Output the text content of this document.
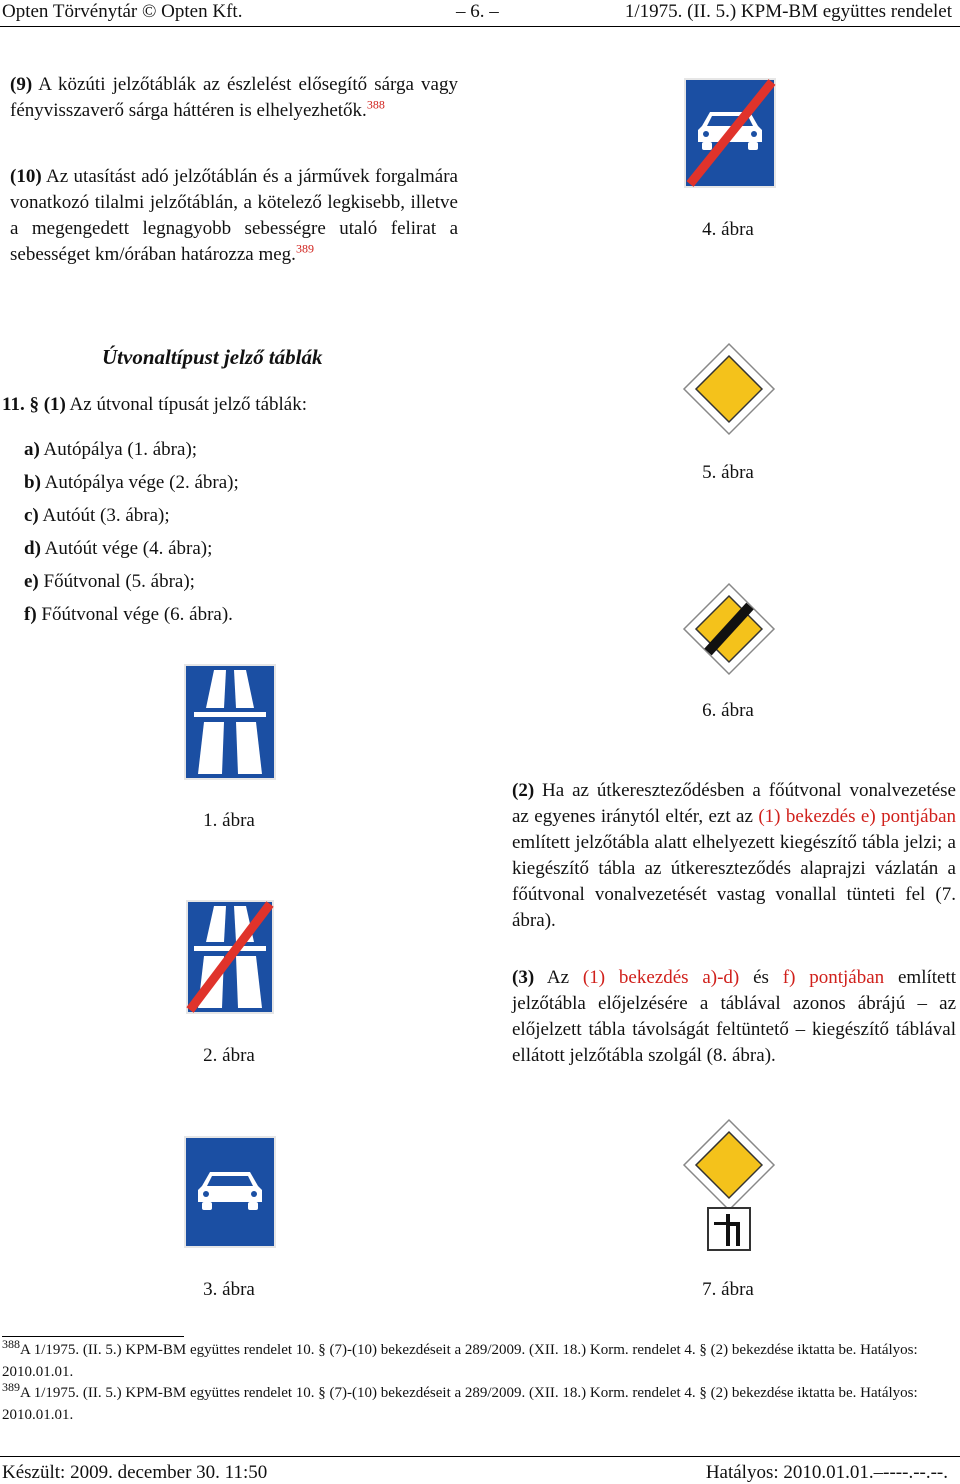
Opten Törvénytár © Opten Kft.	– 6. –	1/1975. (II. 5.) KPM-BM együttes rendelet
(9) A közúti jelzőtáblák az észlelést elősegítő sárga vagy fényvisszaverő sárga háttéren is elhelyezhetők.$^{388}$
(10) Az utasítást adó jelzőtáblán és a járművek forgalmára vonatkozó tilalmi jelzőtáblán, a kötelező legkisebb, illetve a megengedett legnagyobb sebességre utaló felirat a sebességet km/órában határozza meg.$^{389}$
Útvonaltípust jelző táblák
11. § (1) Az útvonal típusát jelző táblák:
a) Autópálya (1. ábra);
b) Autópálya vége (2. ábra);
c) Autóút (3. ábra);
d) Autóút vége (4. ábra);
e) Főútvonal (5. ábra);
f) Főútvonal vége (6. ábra).
4. ábra
5. ábra
6. ábra
1. ábra
2. ábra
(2) Ha az útkereszteződésben a főútvonal vonalvezetése az egyenes iránytól eltér, ezt az (1) bekezdés e) pontjában említett jelzőtábla alatt elhelyezett kiegészítő tábla jelzi; a kiegészítő tábla az útkereszteződés alaprajzi vázlatán a főútvonal vonalvezetését vastag vonallal tünteti fel (7. ábra).
(3) Az (1) bekezdés a)-d) és f) pontjában említett jelzőtábla előjelzésére a táblával azonos ábrájú – az előjelzett tábla távolságát feltüntető – kiegészítő táblával ellátott jelzőtábla szolgál (8. ábra).
3. ábra	7. ábra
$^{388}$A 1/1975. (II. 5.) KPM-BM együttes rendelet 10. § (7)-(10) bekezdéseit a 289/2009. (XII. 18.) Korm. rendelet 4. § (2) bekezdése iktatta be. Hatályos: 2010.01.01.
$^{389}$A 1/1975. (II. 5.) KPM-BM együttes rendelet 10. § (7)-(10) bekezdéseit a 289/2009. (XII. 18.) Korm. rendelet 4. § (2) bekezdése iktatta be. Hatályos: 2010.01.01.
Készült: 2009. december 30. 11:50	Hatályos: 2010.01.01.–----.--.--.
